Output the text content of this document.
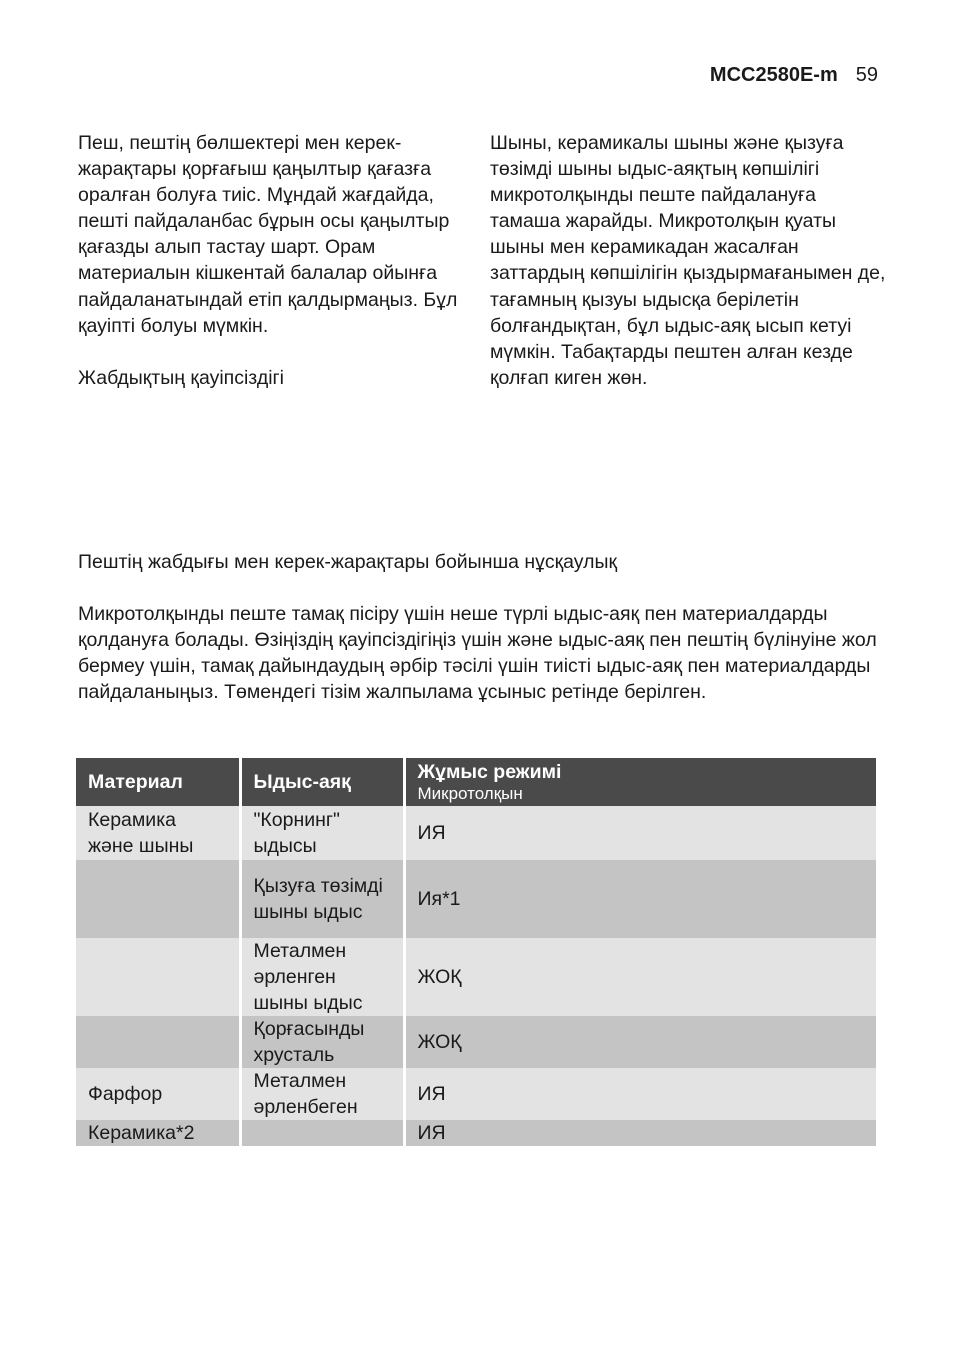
MCC2580E-m 59

Пеш, пештің бөлшектері мен керек-жарақтары қорғағыш қаңылтыр қағазға оралған болуға тиіс. Мұндай жағдайда, пешті пайдаланбас бұрын осы қаңылтыр қағазды алып тастау шарт. Орам материалын кішкентай балалар ойынға пайдаланатындай етіп қалдырмаңыз. Бұл қауіпті болуы мүмкін.

Жабдықтың қауіпсіздігі

Шыны, керамикалы шыны және қызуға төзімді шыны ыдыс-аяқтың көпшілігі микротолқынды пеште пайдалануға тамаша жарайды. Микротолқын қуаты шыны мен керамикадан жасалған заттардың көпшілігін қыздырмағанымен де, тағамның қызуы ыдысқа берілетін болғандықтан, бұл ыдыс-аяқ ысып кетуі мүмкін. Табақтарды пештен алған кезде қолғап киген жөн.

Пештің жабдығы мен керек-жарақтары бойынша нұсқаулық

Микротолқынды пеште тамақ пісіру үшін неше түрлі ыдыс-аяқ пен материалдарды қолдануға болады. Өзіңіздің қауіпсіздігіңіз үшін және ыдыс-аяқ пен пештің бүлінуіне жол бермеу үшін, тамақ дайындаудың әрбір тәсілі үшін тиісті ыдыс-аяқ пен материалдарды пайдаланыңыз. Төмендегі тізім жалпылама ұсыныс ретінде берілген.

Материал	Ыдыс-аяқ	Жұмыс режимі
Микротолқын

Керамика және шыны	"Корнинг" ыдысы	ИЯ
	Қызуға төзімді шыны ыдыс	Ия*1
	Металмен әрленген шыны ыдыс	ЖОҚ
	Қорғасынды хрусталь	ЖОҚ
Фарфор	Металмен әрленбеген	ИЯ
Керамика*2		ИЯ
